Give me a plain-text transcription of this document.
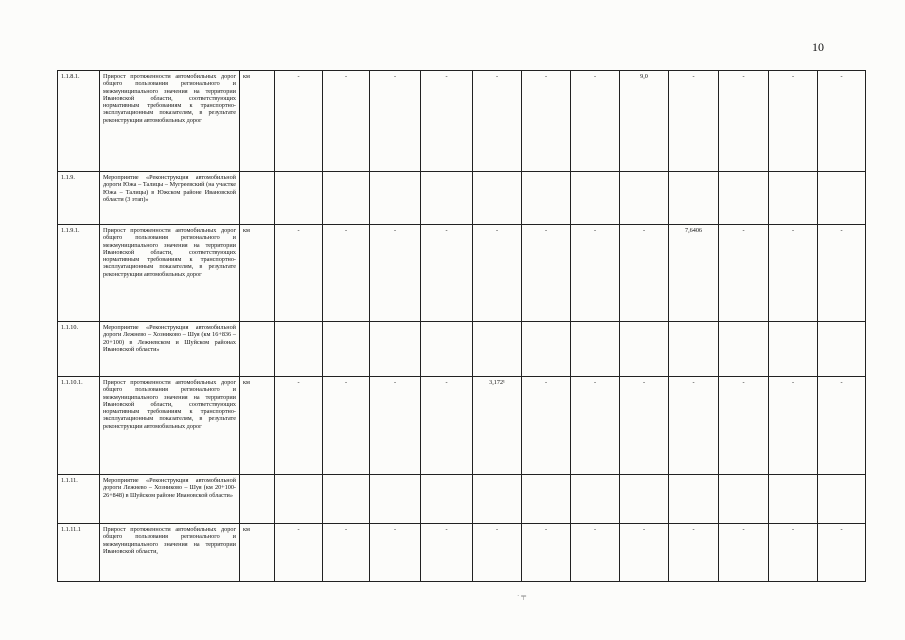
10
1.1.8.1.	Прирост протяженности автомобильных дорог общего пользования регионального и межмуниципального значения на территории Ивановской области, соответствующих нормативным требованиям к транспортно-эксплуатационным показателям, в результате реконструкции автомобильных дорог	км	-	-	-	-	-	-	-	9,0	-	-	-	-
1.1.9.	Мероприятие «Реконструкция автомобильной дороги Южа – Талицы – Мугреевский (на участке Южа – Талицы) в Южском районе Ивановской области (3 этап)»													
1.1.9.1.	Прирост протяженности автомобильных дорог общего пользования регионального и межмуниципального значения на территории Ивановской области, соответствующих нормативным требованиям к транспортно-эксплуатационным показателям, в результате реконструкции автомобильных дорог	км	-	-	-	-	-	-	-	-	7,6406	-	-	-
1.1.10.	Мероприятие «Реконструкция автомобильной дороги Лежнево – Хозниково – Шуя (км 16+836 – 20+100) в Лежневском и Шуйском районах Ивановской области»													
1.1.10.1.	Прирост протяженности автомобильных дорог общего пользования регионального и межмуниципального значения на территории Ивановской области, соответствующих нормативным требованиям к транспортно-эксплуатационным показателям, в результате реконструкции автомобильных дорог	км	-	-	-	-	3,172¹	-	-	-	-	-	-	-
1.1.11.	Мероприятие «Реконструкция автомобильной дороги Лежнево – Хозниково – Шуя (км 20+100-26+848) в Шуйском районе Ивановской области»													
1.1.11.1	Прирост протяженности автомобильных дорог общего пользования регионального и межмуниципального значения на территории Ивановской области,	км	-	-	-	-	-	-	-	-	-	-	-	-
· ╤
